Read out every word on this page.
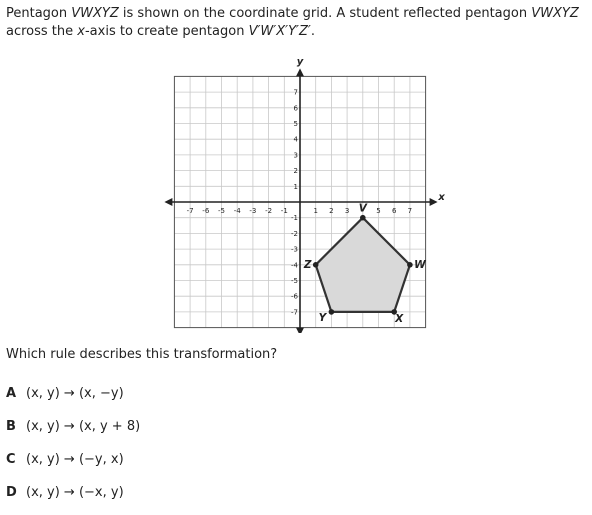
Pentagon VWXYZ is shown on the coordinate grid. A student reflected pentagon VWXYZ
across the x-axis to create pentagon V′W′X′Y′Z′.
x
y
-7 -6 -5 -4 -3 -2 -1	1 2 3	5 6 7
7
6
5
4
3
2
1
-1
-2
-3
-4
-5
-6
-7
V
W
X
Y
Z
Which rule describes this transformation?
A (x, y) → (x, −y)
B (x, y) → (x, y + 8)
C (x, y) → (−y, x)
D (x, y) → (−x, y)
